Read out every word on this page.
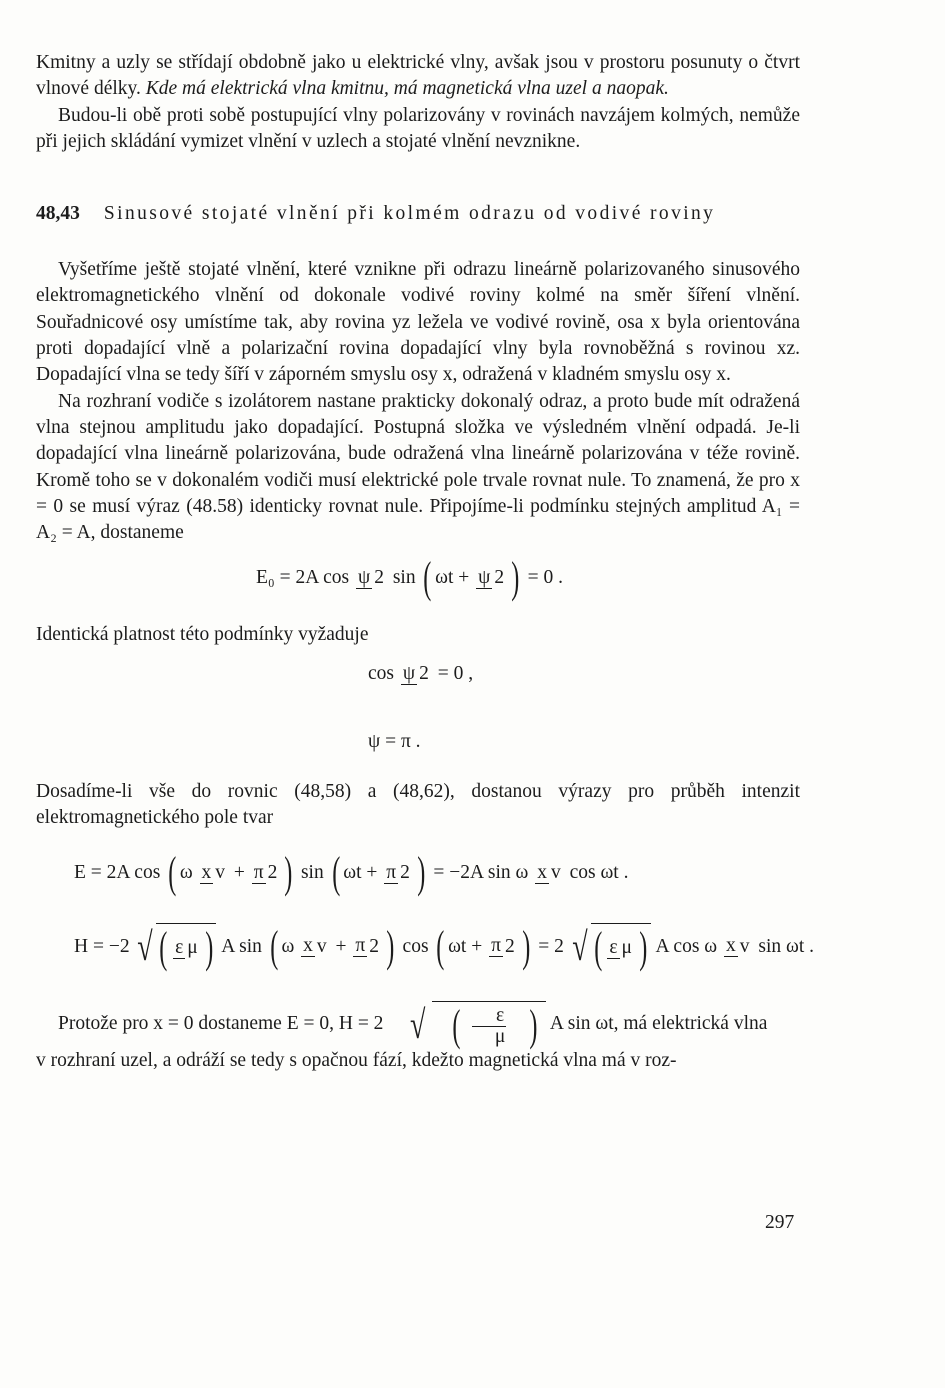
Kmitny a uzly se střídají obdobně jako u elektrické vlny, avšak jsou v prostoru posunuty o čtvrt vlnové délky. Kde má elektrická vlna kmitnu, má magnetická vlna uzel a naopak.

Budou-li obě proti sobě postupující vlny polarizovány v rovinách navzájem kolmých, nemůže při jejich skládání vymizet vlnění v uzlech a stojaté vlnění nevznikne.

48,43 Sinusové stojaté vlnění při kolmém odrazu od vodivé roviny

Vyšetříme ještě stojaté vlnění, které vznikne při odrazu lineárně polarizovaného sinusového elektromagnetického vlnění od dokonale vodivé roviny kolmé na směr šíření vlnění. Souřadnicové osy umístíme tak, aby rovina yz ležela ve vodivé rovině, osa x byla orientována proti dopadající vlně a polarizační rovina dopadající vlny byla rovnoběžná s rovinou xz. Dopadající vlna se tedy šíří v záporném smyslu osy x, odražená v kladném smyslu osy x.

Na rozhraní vodiče s izolátorem nastane prakticky dokonalý odraz, a proto bude mít odražená vlna stejnou amplitudu jako dopadající. Postupná složka ve výsledném vlnění odpadá. Je-li dopadající vlna lineárně polarizována, bude odražená vlna lineárně polarizována v téže rovině. Kromě toho se v dokonalém vodiči musí elektrické pole trvale rovnat nule. To znamená, že pro x = 0 se musí výraz (48.58) identicky rovnat nule. Připojíme-li podmínku stejných amplitud A₁ = A₂ = A, dostaneme

E₀ = 2A cos ψ 2 sin ( ωt + ψ 2 ) = 0 .

Identická platnost této podmínky vyžaduje

cos ψ 2 = 0 ,
ψ = π .

Dosadíme-li vše do rovnic (48,58) a (48,62), dostanou výrazy pro průběh intenzit elektromagnetického pole tvar

E = 2A cos ( ω x v + π 2 ) sin ( ωt + π 2 ) = −2A sin ω x v cos ωt .
H = −2 √ ( ε μ ) A sin ( ω x v + π 2 ) cos ( ωt + π 2 ) = 2 √ ( ε μ ) A cos ω x v sin ωt .

Protože pro x = 0 dostaneme E = 0, H = 2 √ ( $\frac{\varepsilon}{\mu}$ ) A sin ωt, má elektrická vlna

v rozhraní uzel, a odráží se tedy s opačnou fází, kdežto magnetická vlna má v roz-

297
